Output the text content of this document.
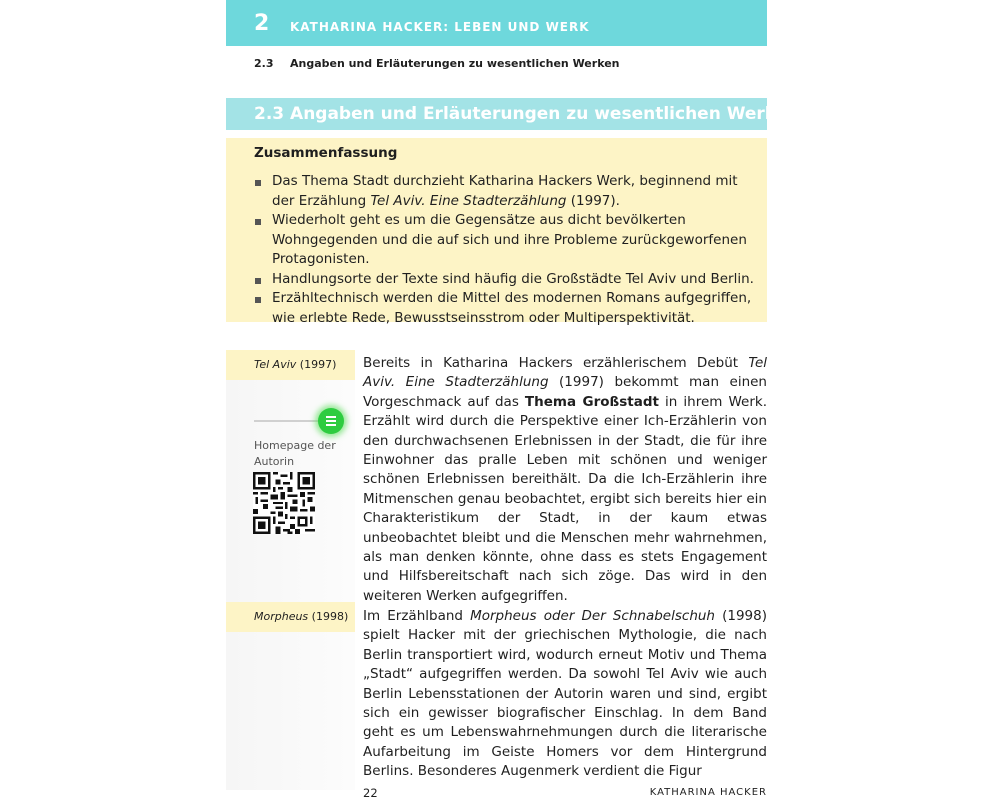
2 KATHARINA HACKER: LEBEN UND WERK
2.3 Angaben und Erläuterungen zu wesentlichen Werken
2.3 Angaben und Erläuterungen zu wesentlichen Werken
Zusammenfassung
Das Thema Stadt durchzieht Katharina Hackers Werk, beginnend mit der Erzählung Tel Aviv. Eine Stadterzählung (1997).
Wiederholt geht es um die Gegensätze aus dicht bevölkerten Wohngegenden und die auf sich und ihre Probleme zurückgeworfenen Protagonisten.
Handlungsorte der Texte sind häufig die Großstädte Tel Aviv und Berlin.
Erzähltechnisch werden die Mittel des modernen Romans aufgegriffen, wie erlebte Rede, Bewusstseinsstrom oder Multiperspektivität.
Tel Aviv (1997)
Homepage der Autorin
Morpheus (1998)

Bereits in Katharina Hackers erzählerischem Debüt Tel Aviv. Eine Stadterzählung (1997) bekommt man einen Vorgeschmack auf das Thema Großstadt in ihrem Werk. Erzählt wird durch die Perspektive einer Ich-Erzählerin von den durchwachsenen Erlebnissen in der Stadt, die für ihre Einwohner das pralle Leben mit schönen und weniger schönen Erlebnissen bereithält. Da die Ich-Erzählerin ihre Mitmenschen genau beobachtet, ergibt sich bereits hier ein Charakteristikum der Stadt, in der kaum etwas unbeobachtet bleibt und die Menschen mehr wahrnehmen, als man denken könnte, ohne dass es stets Engagement und Hilfsbereitschaft nach sich zöge. Das wird in den weiteren Werken aufgegriffen.

Im Erzählband Morpheus oder Der Schnabelschuh (1998) spielt Hacker mit der griechischen Mythologie, die nach Berlin transportiert wird, wodurch erneut Motiv und Thema „Stadt“ aufgegriffen werden. Da sowohl Tel Aviv wie auch Berlin Lebensstationen der Autorin waren und sind, ergibt sich ein gewisser biografischer Einschlag. In dem Band geht es um Lebenswahrnehmungen durch die literarische Aufarbeitung im Geiste Homers vor dem Hintergrund Berlins. Besonderes Augenmerk verdient die Figur

22	KATHARINA HACKER
